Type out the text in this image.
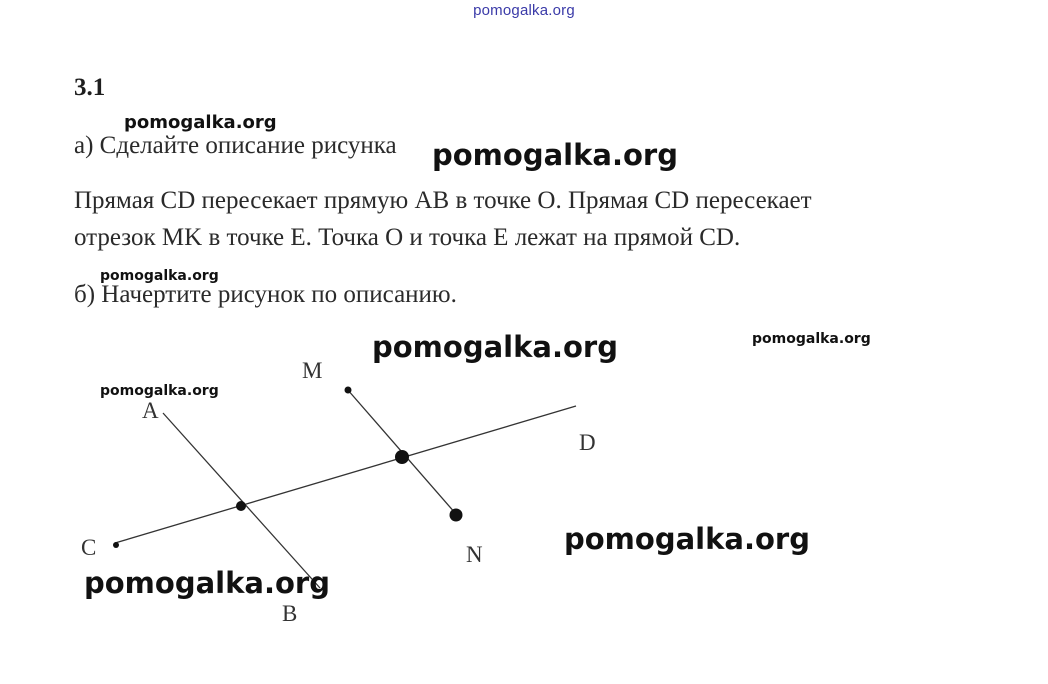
pomogalka.org
3.1
а) Сделайте описание рисунка
Прямая CD пересекает прямую AB в точке O. Прямая CD пересекает
отрезок MK в точке E. Точка O и точка E лежат на прямой CD.
б) Начертите рисунок по описанию.
A
B
C
D
M
N
pomogalka.org
pomogalka.org
pomogalka.org
pomogalka.org	pomogalka.org
pomogalka.org
pomogalka.org
pomogalka.org
